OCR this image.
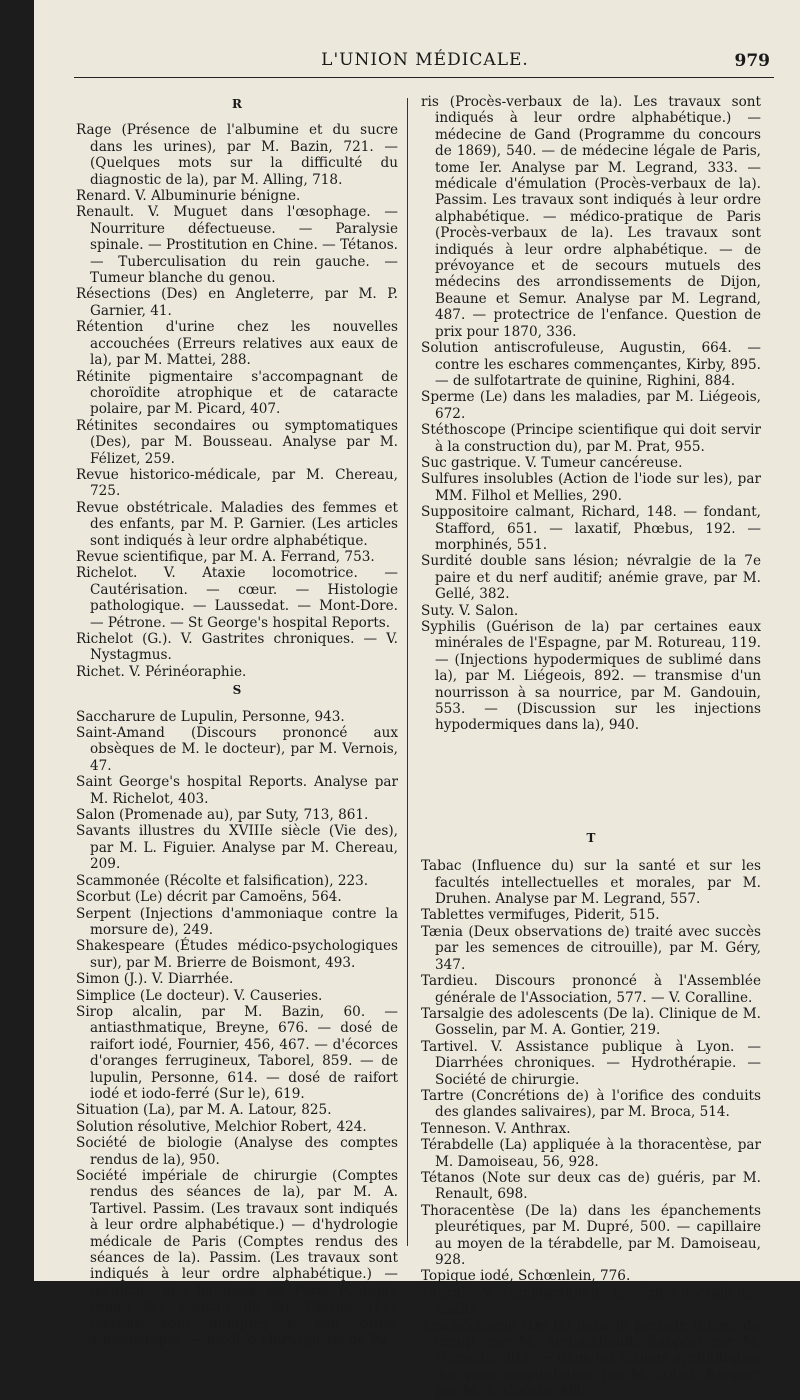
L'UNION MÉDICALE.	979
R
Rage (Présence de l'albumine et du sucre dans les urines), par M. Bazin, 721. — (Quelques mots sur la difficulté du diagnostic de la), par M. Alling, 718.
Renard. V. Albuminurie bénigne.
Renault. V. Muguet dans l'œsophage. — Nourriture défectueuse. — Paralysie spinale. — Prostitution en Chine. — Tétanos. — Tuberculisation du rein gauche. — Tumeur blanche du genou.
Résections (Des) en Angleterre, par M. P. Garnier, 41.
Rétention d'urine chez les nouvelles accouchées (Erreurs relatives aux eaux de la), par M. Mattei, 288.
Rétinite pigmentaire s'accompagnant de choroïdite atrophique et de cataracte polaire, par M. Picard, 407.
Rétinites secondaires ou symptomatiques (Des), par M. Bousseau. Analyse par M. Félizet, 259.
Revue historico-médicale, par M. Chereau, 725.
Revue obstétricale. Maladies des femmes et des enfants, par M. P. Garnier. (Les articles sont indiqués à leur ordre alphabétique.
Revue scientifique, par M. A. Ferrand, 753.
Richelot. V. Ataxie locomotrice. — Cautérisation. — cœur. — Histologie pathologique. — Laussedat. — Mont-Dore. — Pétrone. — St George's hospital Reports.
Richelot (G.). V. Gastrites chroniques. — V. Nystagmus.
Richet. V. Périnéoraphie.
S
Saccharure de Lupulin, Personne, 943.
Saint-Amand (Discours prononcé aux obsèques de M. le docteur), par M. Vernois, 47.
Saint George's hospital Reports. Analyse par M. Richelot, 403.
Salon (Promenade au), par Suty, 713, 861.
Savants illustres du XVIIIe siècle (Vie des), par M. L. Figuier. Analyse par M. Chereau, 209.
Scammonée (Récolte et falsification), 223.
Scorbut (Le) décrit par Camoëns, 564.
Serpent (Injections d'ammoniaque contre la morsure de), 249.
Shakespeare (Études médico-psychologiques sur), par M. Brierre de Boismont, 493.
Simon (J.). V. Diarrhée.
Simplice (Le docteur). V. Causeries.
Sirop alcalin, par M. Bazin, 60. — antiasthmatique, Breyne, 676. — dosé de raifort iodé, Fournier, 456, 467. — d'écorces d'oranges ferrugineux, Taborel, 859. — de lupulin, Personne, 614. — dosé de raifort iodé et iodo-ferré (Sur le), 619.
Situation (La), par M. A. Latour, 825.
Solution résolutive, Melchior Robert, 424.
Société de biologie (Analyse des comptes rendus de la), 950.
Société impériale de chirurgie (Comptes rendus des séances de la), par M. A. Tartivel. Passim. (Les travaux sont indiqués à leur ordre alphabétique.) — d'hydrologie médicale de Paris (Comptes rendus des séances de la). Passim. (Les travaux sont indiqués à leur ordre alphabétique.) — médicale des hôpitaux de Paris (Compte rendu des séances de la). Passim. (Les travaux sont indiqués à leur ordre alphabétique. — médico-chirurgicale de Pa-
ris (Procès-verbaux de la). Les travaux sont indiqués à leur ordre alphabétique.) — médecine de Gand (Programme du concours de 1869), 540. — de médecine légale de Paris, tome Ier. Analyse par M. Legrand, 333. — médicale d'émulation (Procès-verbaux de la). Passim. Les travaux sont indiqués à leur ordre alphabétique. — médico-pratique de Paris (Procès-verbaux de la). Les travaux sont indiqués à leur ordre alphabétique. — de prévoyance et de secours mutuels des médecins des arrondissements de Dijon, Beaune et Semur. Analyse par M. Legrand, 487. — protectrice de l'enfance. Question de prix pour 1870, 336.
Solution antiscrofuleuse, Augustin, 664. — contre les eschares commençantes, Kirby, 895. — de sulfotartrate de quinine, Righini, 884.
Sperme (Le) dans les maladies, par M. Liégeois, 672.
Stéthoscope (Principe scientifique qui doit servir à la construction du), par M. Prat, 955.
Suc gastrique. V. Tumeur cancéreuse.
Sulfures insolubles (Action de l'iode sur les), par MM. Filhol et Mellies, 290.
Suppositoire calmant, Richard, 148. — fondant, Stafford, 651. — laxatif, Phœbus, 192. — morphinés, 551.
Surdité double sans lésion; névralgie de la 7e paire et du nerf auditif; anémie grave, par M. Gellé, 382.
Suty. V. Salon.
Syphilis (Guérison de la) par certaines eaux minérales de l'Espagne, par M. Rotureau, 119. — (Injections hypodermiques de sublimé dans la), par M. Liégeois, 892. — transmise d'un nourrisson à sa nourrice, par M. Gandouin, 553. — (Discussion sur les injections hypodermiques dans la), 940.
T
Tabac (Influence du) sur la santé et sur les facultés intellectuelles et morales, par M. Druhen. Analyse par M. Legrand, 557.
Tablettes vermifuges, Piderit, 515.
Tænia (Deux observations de) traité avec succès par les semences de citrouille), par M. Géry, 347.
Tardieu. Discours prononcé à l'Assemblée générale de l'Association, 577. — V. Coralline.
Tarsalgie des adolescents (De la). Clinique de M. Gosselin, par M. A. Gontier, 219.
Tartivel. V. Assistance publique à Lyon. — Diarrhées chroniques. — Hydrothérapie. — Société de chirurgie.
Tartre (Concrétions de) à l'orifice des conduits des glandes salivaires), par M. Broca, 514.
Tenneson. V. Anthrax.
Térabdelle (La) appliquée à la thoracentèse, par M. Damoiseau, 56, 928.
Tétanos (Note sur deux cas de) guéris, par M. Renault, 698.
Thoracentèse (De la) dans les épanchements pleurétiques, par M. Dupré, 500. — capillaire au moyen de la térabdelle, par M. Damoiseau, 928.
Topique iodé, Schœnlein, 776.
Tournié. V. Tuméfaction de la région dorsale des mains.
Trachéotomie (De la) dans la période ultime du croup, par M. Archambault. Rapport par M. Homolle, 303. — dans les lésions syphilitiques des voies respiratoires, par M. Trélat. Rapport par M. A. Guérin, 466.
